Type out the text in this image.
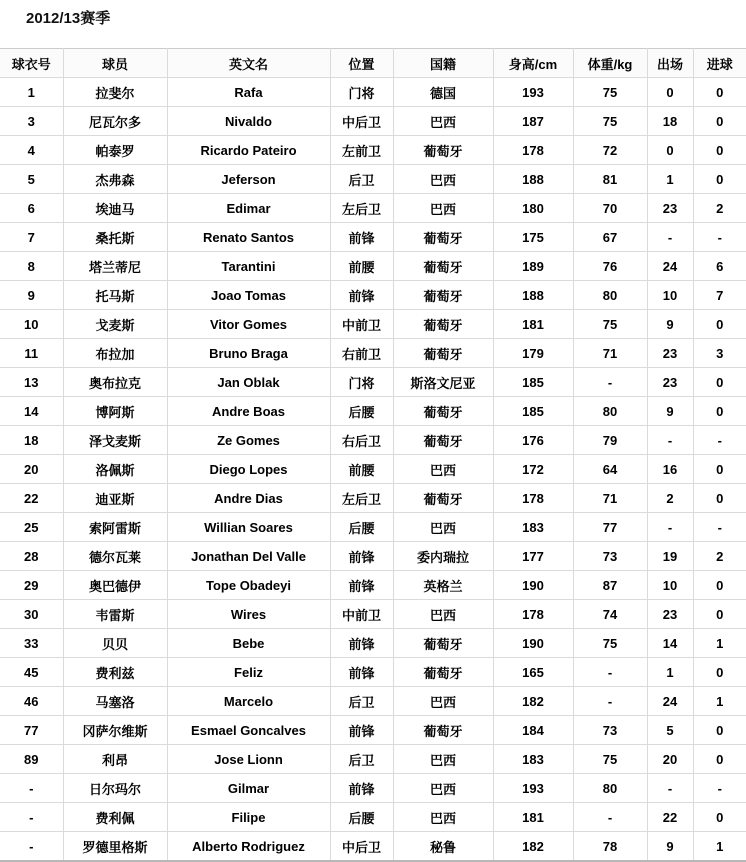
2012/13赛季
球衣号	球员	英文名	位置	国籍	身高/cm	体重/kg	出场	进球
1	拉斐尔	Rafa	门将	德国	193	75	0	0
3	尼瓦尔多	Nivaldo	中后卫	巴西	187	75	18	0
4	帕泰罗	Ricardo Pateiro	左前卫	葡萄牙	178	72	0	0
5	杰弗森	Jeferson	后卫	巴西	188	81	1	0
6	埃迪马	Edimar	左后卫	巴西	180	70	23	2
7	桑托斯	Renato Santos	前锋	葡萄牙	175	67	-	-
8	塔兰蒂尼	Tarantini	前腰	葡萄牙	189	76	24	6
9	托马斯	Joao Tomas	前锋	葡萄牙	188	80	10	7
10	戈麦斯	Vitor Gomes	中前卫	葡萄牙	181	75	9	0
11	布拉加	Bruno Braga	右前卫	葡萄牙	179	71	23	3
13	奥布拉克	Jan Oblak	门将	斯洛文尼亚	185	-	23	0
14	博阿斯	Andre Boas	后腰	葡萄牙	185	80	9	0
18	泽戈麦斯	Ze Gomes	右后卫	葡萄牙	176	79	-	-
20	洛佩斯	Diego Lopes	前腰	巴西	172	64	16	0
22	迪亚斯	Andre Dias	左后卫	葡萄牙	178	71	2	0
25	索阿雷斯	Willian Soares	后腰	巴西	183	77	-	-
28	德尔瓦莱	Jonathan Del Valle	前锋	委内瑞拉	177	73	19	2
29	奥巴德伊	Tope Obadeyi	前锋	英格兰	190	87	10	0
30	韦雷斯	Wires	中前卫	巴西	178	74	23	0
33	贝贝	Bebe	前锋	葡萄牙	190	75	14	1
45	费利兹	Feliz	前锋	葡萄牙	165	-	1	0
46	马塞洛	Marcelo	后卫	巴西	182	-	24	1
77	冈萨尔维斯	Esmael Goncalves	前锋	葡萄牙	184	73	5	0
89	利昂	Jose Lionn	后卫	巴西	183	75	20	0
-	日尔玛尔	Gilmar	前锋	巴西	193	80	-	-
-	费利佩	Filipe	后腰	巴西	181	-	22	0
-	罗德里格斯	Alberto Rodriguez	中后卫	秘鲁	182	78	9	1
